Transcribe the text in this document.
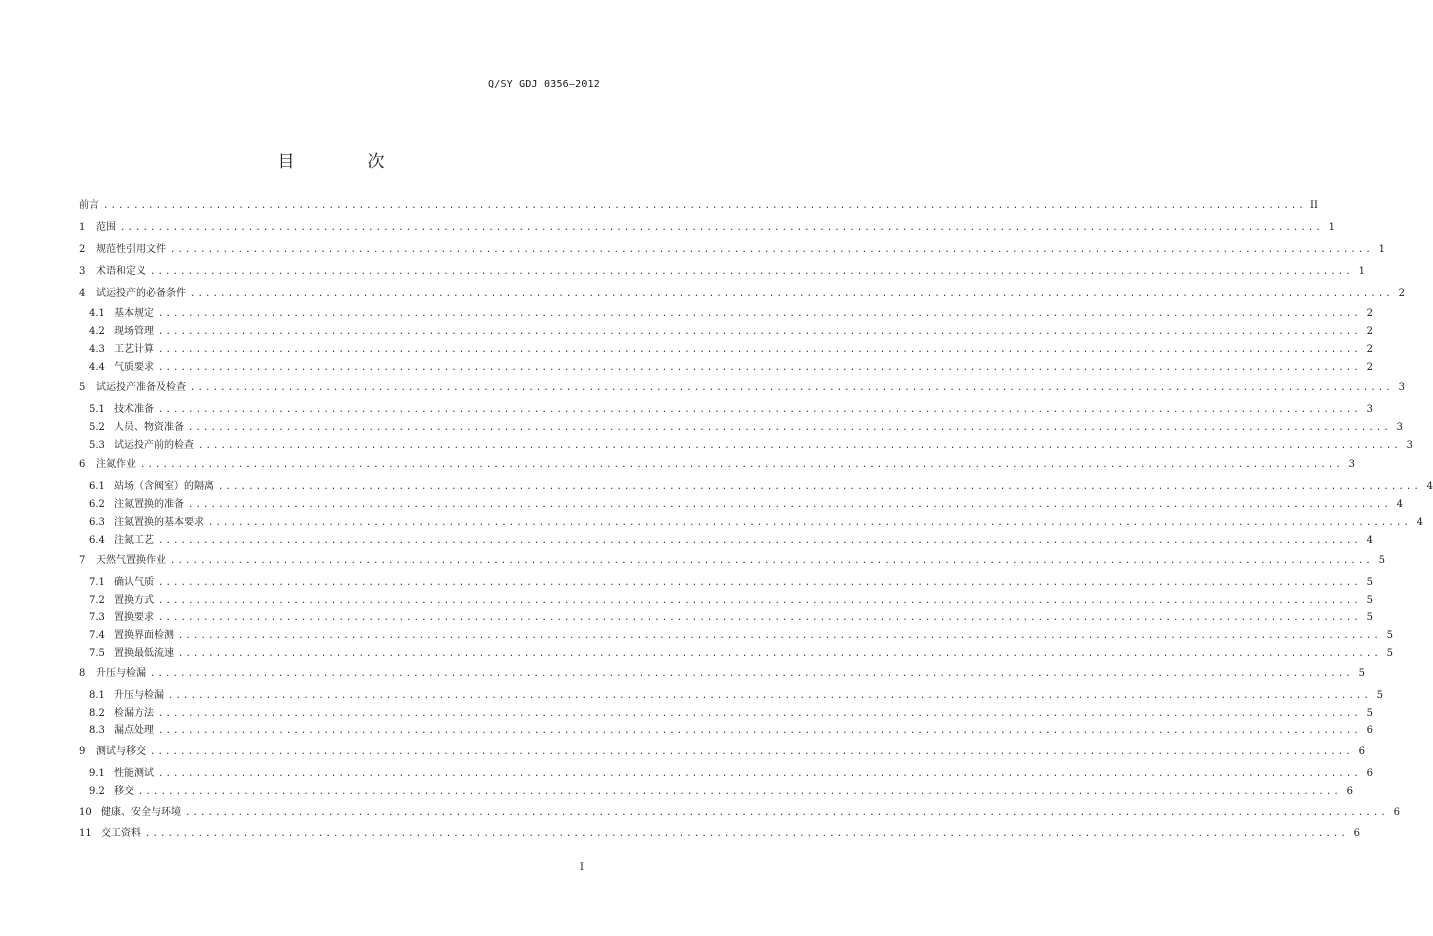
Q/SY GDJ 0356—2012
目　次
前言 ................................................................................................................................................................ II
1	范围 ................................................................................................................................................................ 1
2	规范性引用文件 ................................................................................................................................................................ 1
3	术语和定义 ................................................................................................................................................................ 1
4	试运投产的必备条件 ................................................................................................................................................................ 2
4.1 基本规定 ................................................................................................................................................................ 2
4.2 现场管理 ................................................................................................................................................................ 2
4.3 工艺计算 ................................................................................................................................................................ 2
4.4 气质要求 ................................................................................................................................................................ 2
5	试运投产准备及检查 ................................................................................................................................................................ 3
5.1 技术准备 ................................................................................................................................................................ 3
5.2 人员、物资准备 ................................................................................................................................................................ 3
5.3 试运投产前的检查 ................................................................................................................................................................ 3
6	注氮作业 ................................................................................................................................................................ 3
6.1 站场（含阀室）的隔离 ................................................................................................................................................................ 4
6.2 注氮置换的准备 ................................................................................................................................................................ 4
6.3 注氮置换的基本要求 ................................................................................................................................................................ 4
6.4 注氮工艺 ................................................................................................................................................................ 4
7	天然气置换作业 ................................................................................................................................................................ 5
7.1 确认气质 ................................................................................................................................................................ 5
7.2 置换方式 ................................................................................................................................................................ 5
7.3 置换要求 ................................................................................................................................................................ 5
7.4 置换界面检测 ................................................................................................................................................................ 5
7.5 置换最低流速 ................................................................................................................................................................ 5
8	升压与检漏 ................................................................................................................................................................ 5
8.1 升压与检漏 ................................................................................................................................................................ 5
8.2 检漏方法 ................................................................................................................................................................ 5
8.3 漏点处理 ................................................................................................................................................................ 6
9	测试与移交 ................................................................................................................................................................ 6
9.1 性能测试 ................................................................................................................................................................ 6
9.2 移交 ................................................................................................................................................................ 6
10 健康、安全与环境 ................................................................................................................................................................ 6
11 交工资料 ................................................................................................................................................................ 6
I
